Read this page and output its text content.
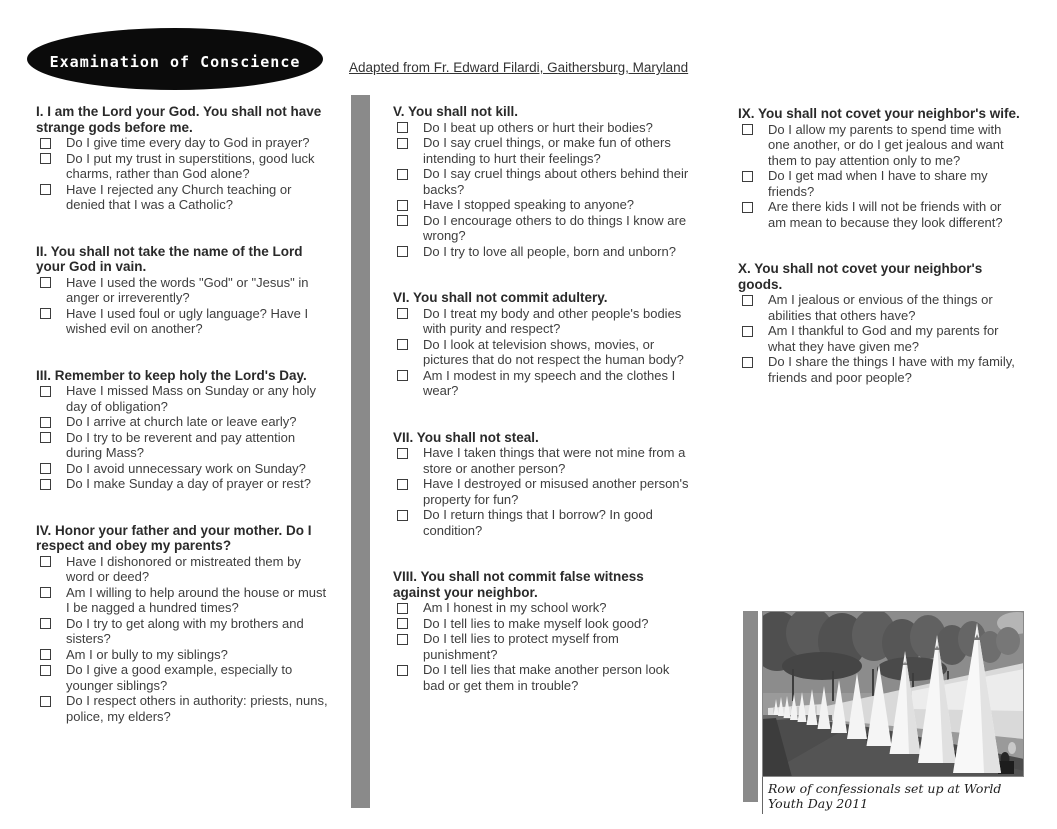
Examination of Conscience	Adapted from Fr. Edward Filardi, Gaithersburg, Maryland
I. I am the Lord your God. You shall not have strange gods before me.
Do I give time every day to God in prayer?
Do I put my trust in superstitions, good luck charms, rather than God alone?
Have I rejected any Church teaching or denied that I was a Catholic?
II. You shall not take the name of the Lord your God in vain.
Have I used the words "God" or "Jesus" in anger or irreverently?
Have I used foul or ugly language? Have I wished evil on another?
III. Remember to keep holy the Lord's Day.
Have I missed Mass on Sunday or any holy day of obligation?
Do I arrive at church late or leave early?
Do I try to be reverent and pay attention during Mass?
Do I avoid unnecessary work on Sunday?
Do I make Sunday a day of prayer or rest?
IV. Honor your father and your mother. Do I respect and obey my parents?
Have I dishonored or mistreated them by word or deed?
Am I willing to help around the house or must I be nagged a hundred times?
Do I try to get along with my brothers and sisters?
Am I or bully to my siblings?
Do I give a good example, especially to younger siblings?
Do I respect others in authority: priests, nuns, police, my elders?
V. You shall not kill.
Do I beat up others or hurt their bodies?
Do I say cruel things, or make fun of others intending to hurt their feelings?
Do I say cruel things about others behind their backs?
Have I stopped speaking to anyone?
Do I encourage others to do things I know are wrong?
Do I try to love all people, born and unborn?
VI. You shall not commit adultery.
Do I treat my body and other people's bodies with purity and respect?
Do I look at television shows, movies, or pictures that do not respect the human body?
Am I modest in my speech and the clothes I wear?
VII. You shall not steal.
Have I taken things that were not mine from a store or another person?
Have I destroyed or misused another person's property for fun?
Do I return things that I borrow? In good condition?
VIII. You shall not commit false witness against your neighbor.
Am I honest in my school work?
Do I tell lies to make myself look good?
Do I tell lies to protect myself from punishment?
Do I tell lies that make another person look bad or get them in trouble?
IX. You shall not covet your neighbor's wife.
Do I allow my parents to spend time with one another, or do I get jealous and want them to pay attention only to me?
Do I get mad when I have to share my friends?
Are there kids I will not be friends with or am mean to because they look different?
X. You shall not covet your neighbor's goods.
Am I jealous or envious of the things or abilities that others have?
Am I thankful to God and my parents for what they have given me?
Do I share the things I have with my family, friends and poor people?
Row of confessionals set up at World Youth Day 2011
